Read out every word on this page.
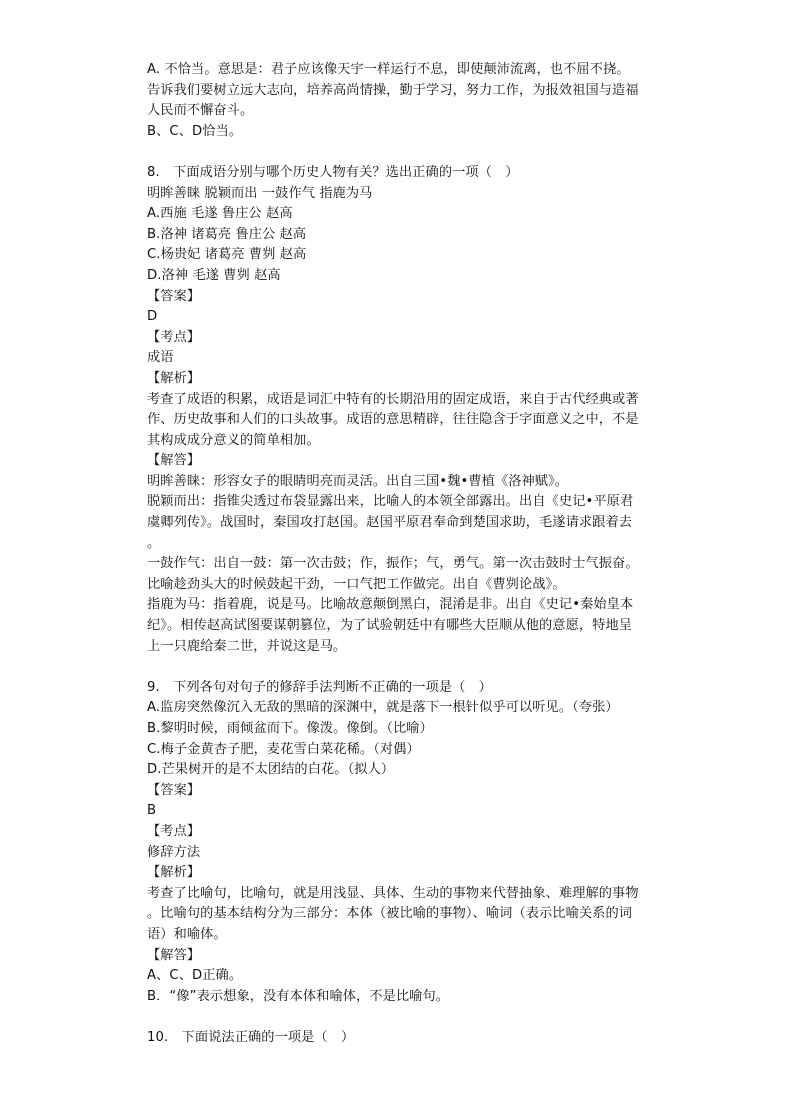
A. 不恰当。意思是：君子应该像天宇一样运行不息，即使颠沛流离，也不屈不挠。
告诉我们要树立远大志向，培养高尚情操，勤于学习，努力工作，为报效祖国与造福
人民而不懈奋斗。
B、C、D恰当。
8.　下面成语分别与哪个历史人物有关？选出正确的一项（　）
明眸善睐 脱颖而出 一鼓作气 指鹿为马
A.西施 毛遂 鲁庄公 赵高
B.洛神 诸葛亮 鲁庄公 赵高
C.杨贵妃 诸葛亮 曹刿 赵高
D.洛神 毛遂 曹刿 赵高
【答案】
D
【考点】
成语
【解析】
考查了成语的积累，成语是词汇中特有的长期沿用的固定成语，来自于古代经典或著
作、历史故事和人们的口头故事。成语的意思精辟，往往隐含于字面意义之中，不是
其构成成分意义的简单相加。
【解答】
明眸善睐：形容女子的眼睛明亮而灵活。出自三国•魏•曹植《洛神赋》。
脱颖而出：指锥尖透过布袋显露出来，比喻人的本领全部露出。出自《史记•平原君
虞卿列传》。战国时，秦国攻打赵国。赵国平原君奉命到楚国求助，毛遂请求跟着去
。
一鼓作气：出自一鼓：第一次击鼓；作，振作；气，勇气。第一次击鼓时士气振奋。
比喻趁劲头大的时候鼓起干劲，一口气把工作做完。出自《曹刿论战》。
指鹿为马：指着鹿，说是马。比喻故意颠倒黑白，混淆是非。出自《史记•秦始皇本
纪》。相传赵高试图要谋朝篡位，为了试验朝廷中有哪些大臣顺从他的意愿，特地呈
上一只鹿给秦二世，并说这是马。
9.　下列各句对句子的修辞手法判断不正确的一项是（　）
A.监房突然像沉入无敌的黑暗的深渊中，就是落下一根针似乎可以听见。（夸张）
B.黎明时候，雨倾盆而下。像泼。像倒。（比喻）
C.梅子金黄杏子肥，麦花雪白菜花稀。（对偶）
D.芒果树开的是不太团结的白花。（拟人）
【答案】
B
【考点】
修辞方法
【解析】
考查了比喻句，比喻句，就是用浅显、具体、生动的事物来代替抽象、难理解的事物
。比喻句的基本结构分为三部分：本体（被比喻的事物）、喻词（表示比喻关系的词
语）和喻体。
【解答】
A、C、D正确。
B．“像”表示想象，没有本体和喻体，不是比喻句。
10.　下面说法正确的一项是（　）
